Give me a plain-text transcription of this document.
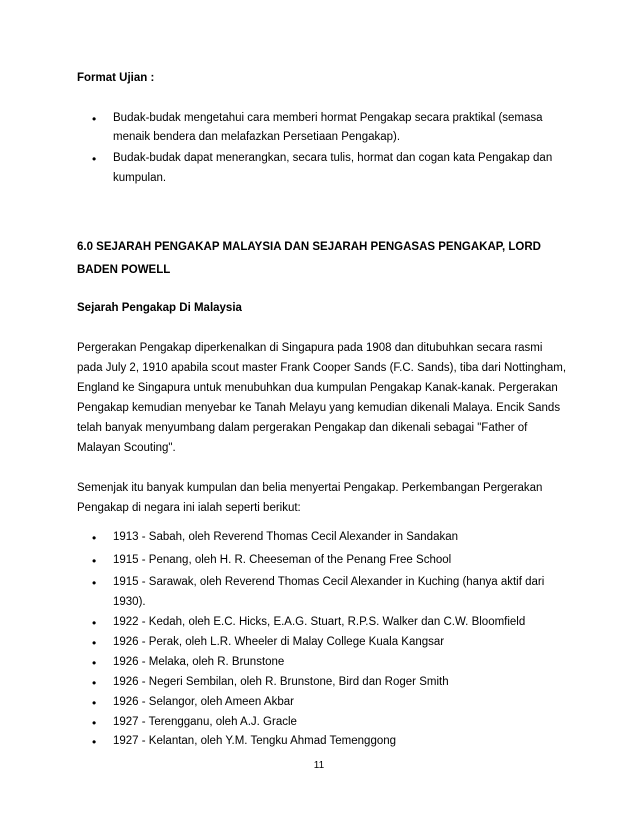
Format Ujian :
• Budak-budak mengetahui cara memberi hormat Pengakap secara praktikal (semasa
menaik bendera dan melafazkan Persetiaan Pengakap).
• Budak-budak dapat menerangkan, secara tulis, hormat dan cogan kata Pengakap dan
kumpulan.
6.0 SEJARAH PENGAKAP MALAYSIA DAN SEJARAH PENGASAS PENGAKAP, LORD
BADEN POWELL
Sejarah Pengakap Di Malaysia
Pergerakan Pengakap diperkenalkan di Singapura pada 1908 dan ditubuhkan secara rasmi
pada July 2, 1910 apabila scout master Frank Cooper Sands (F.C. Sands), tiba dari Nottingham,
England ke Singapura untuk menubuhkan dua kumpulan Pengakap Kanak-kanak. Pergerakan
Pengakap kemudian menyebar ke Tanah Melayu yang kemudian dikenali Malaya. Encik Sands
telah banyak menyumbang dalam pergerakan Pengakap dan dikenali sebagai "Father of
Malayan Scouting".
Semenjak itu banyak kumpulan dan belia menyertai Pengakap. Perkembangan Pergerakan
Pengakap di negara ini ialah seperti berikut:
• 1913 - Sabah, oleh Reverend Thomas Cecil Alexander in Sandakan
• 1915 - Penang, oleh H. R. Cheeseman of the Penang Free School
• 1915 - Sarawak, oleh Reverend Thomas Cecil Alexander in Kuching (hanya aktif dari
1930).
• 1922 - Kedah, oleh E.C. Hicks, E.A.G. Stuart, R.P.S. Walker dan C.W. Bloomfield
• 1926 - Perak, oleh L.R. Wheeler di Malay College Kuala Kangsar
• 1926 - Melaka, oleh R. Brunstone
• 1926 - Negeri Sembilan, oleh R. Brunstone, Bird dan Roger Smith
• 1926 - Selangor, oleh Ameen Akbar
• 1927 - Terengganu, oleh A.J. Gracle
• 1927 - Kelantan, oleh Y.M. Tengku Ahmad Temenggong
11
